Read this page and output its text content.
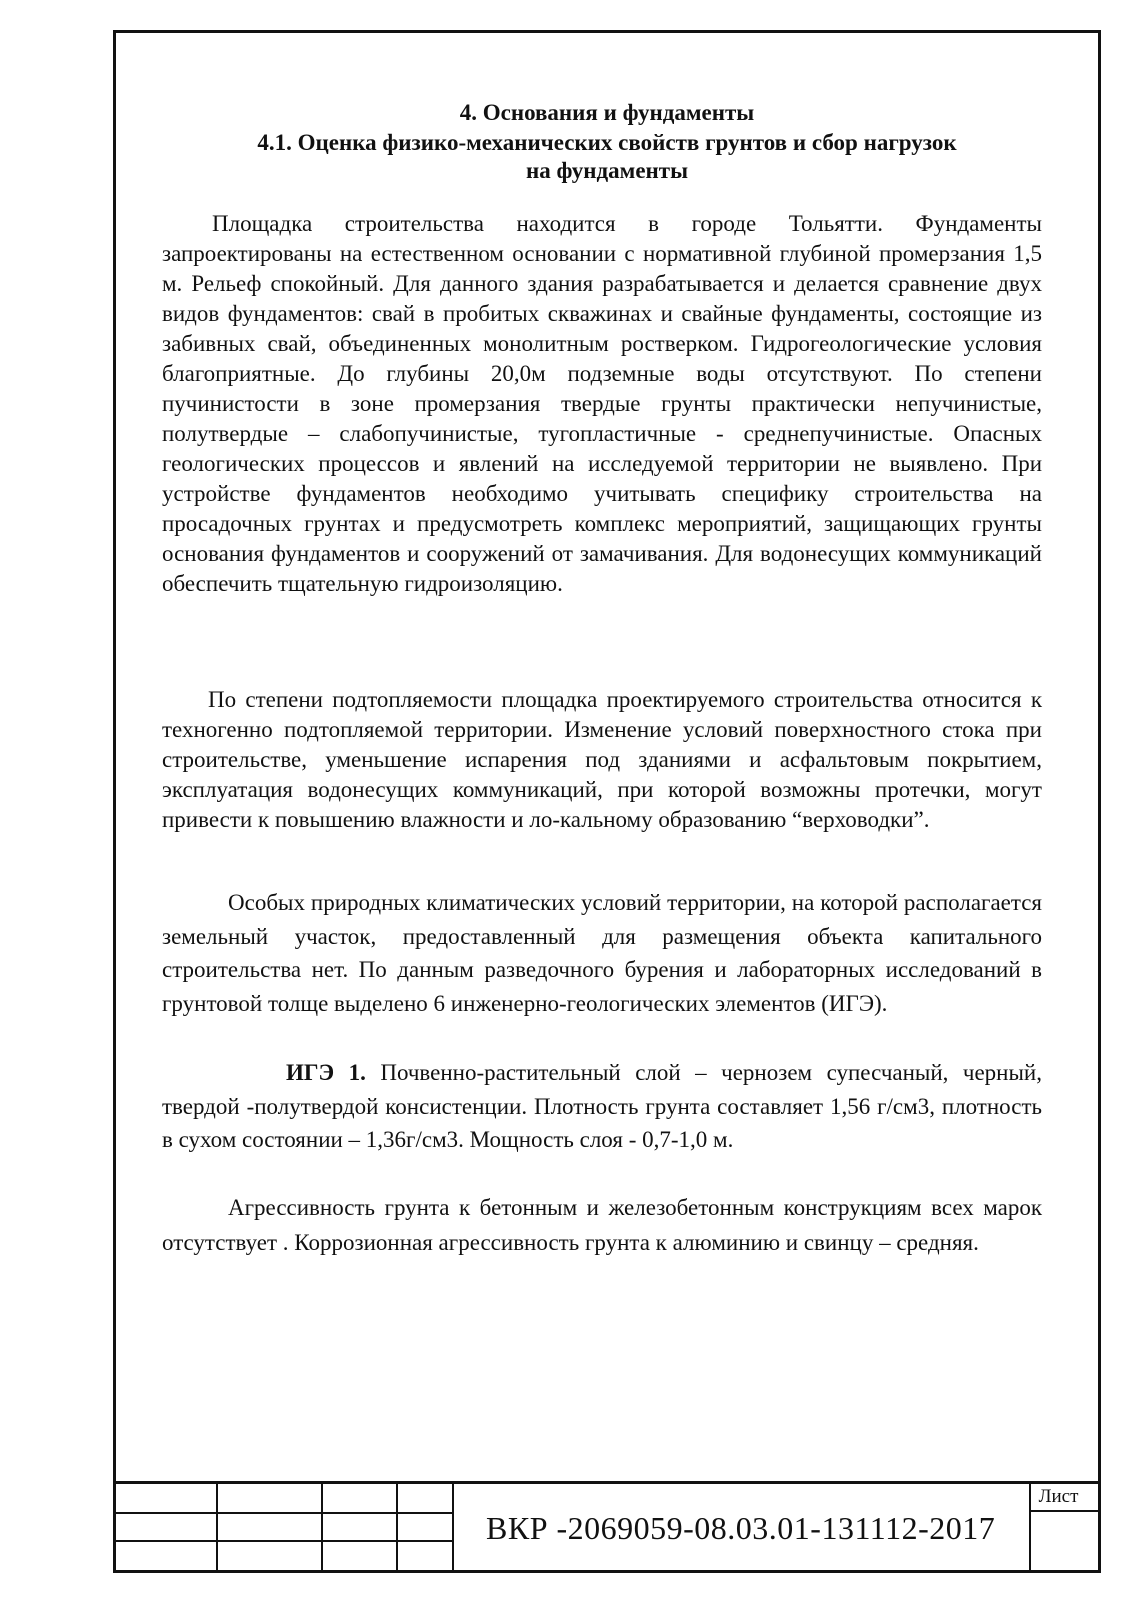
4. Основания и фундаменты
4.1. Оценка физико-механических свойств грунтов и сбор нагрузок
на фундаменты

Площадка строительства находится в городе Тольятти. Фундаменты запроектированы на естественном основании с нормативной глубиной промерзания 1,5 м. Рельеф спокойный. Для данного здания разрабатывается и делается сравнение двух видов фундаментов: свай в пробитых скважинах и свайные фундаменты, состоящие из забивных свай, объединенных монолитным ростверком. Гидрогеологические условия благоприятные. До глубины 20,0м подземные воды отсутствуют. По степени пучинистости в зоне промерзания твердые грунты практически непучинистые, полутвердые – слабопучинистые, тугопластичные - среднепучинистые. Опасных геологических процессов и явлений на исследуемой территории не выявлено. При устройстве фундаментов необходимо учитывать специфику строительства на просадочных грунтах и предусмотреть комплекс мероприятий, защищающих грунты основания фундаментов и сооружений от замачивания. Для водонесущих коммуникаций обеспечить тщательную гидроизоляцию.

По степени подтопляемости площадка проектируемого строительства относится к техногенно подтопляемой территории. Изменение условий поверхностного стока при строительстве, уменьшение испарения под зданиями и асфальтовым покрытием, эксплуатация водонесущих коммуникаций, при которой возможны протечки, могут привести к повышению влажности и ло-кальному образованию “верховодки”.

Особых природных климатических условий территории, на которой располагается земельный участок, предоставленный для размещения объекта капитального строительства нет. По данным разведочного бурения и лабораторных исследований в грунтовой толще выделено 6 инженерно-геологических элементов (ИГЭ).

ИГЭ 1. Почвенно-растительный слой – чернозем супесчаный, черный, твердой -полутвердой консистенции. Плотность грунта составляет 1,56 г/см3, плотность в сухом состоянии – 1,36г/см3. Мощность слоя - 0,7-1,0 м.

Агрессивность грунта к бетонным и железобетонным конструкциям всех марок отсутствует . Коррозионная агрессивность грунта к алюминию и свинцу – средняя.

ВКР -2069059-08.03.01-131112-2017
Лист
